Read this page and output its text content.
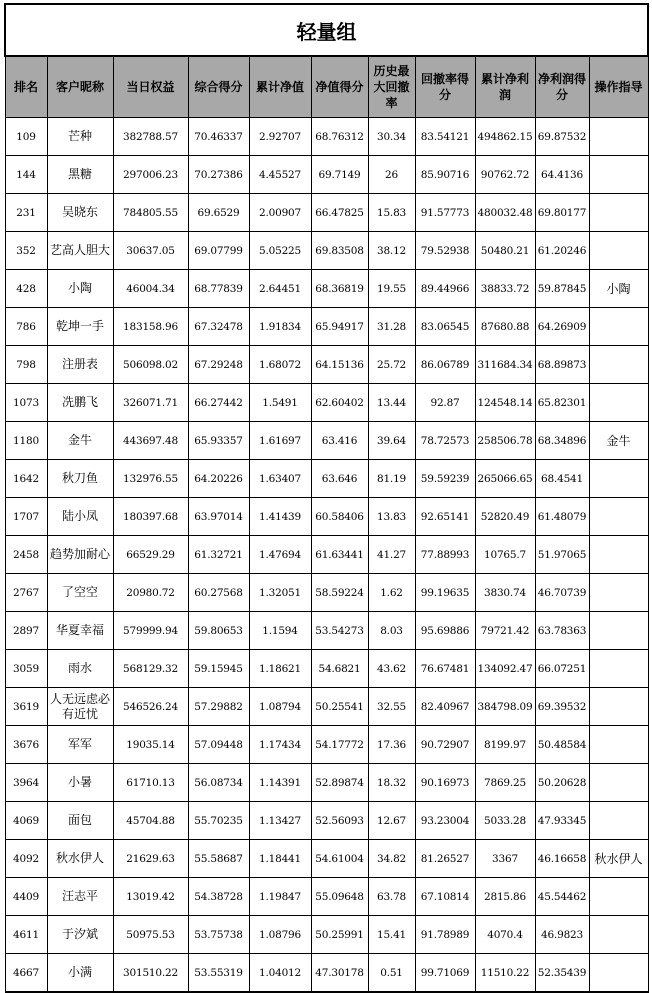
轻量组										
排名	客户昵称	当日权益	综合得分	累计净值	净值得分	历史最大回撤率	回撤率得分	累计净利润	净利润得分	操作指导
109	芒种	382788.57	70.46337	2.92707	68.76312	30.34	83.54121	494862.15	69.87532	
144	黑糖	297006.23	70.27386	4.45527	69.7149	26	85.90716	90762.72	64.4136	
231	吴晓东	784805.55	69.6529	2.00907	66.47825	15.83	91.57773	480032.48	69.80177	
352	艺高人胆大	30637.05	69.07799	5.05225	69.83508	38.12	79.52938	50480.21	61.20246	
428	小陶	46004.34	68.77839	2.64451	68.36819	19.55	89.44966	38833.72	59.87845	小陶
786	乾坤一手	183158.96	67.32478	1.91834	65.94917	31.28	83.06545	87680.88	64.26909	
798	注册表	506098.02	67.29248	1.68072	64.15136	25.72	86.06789	311684.34	68.89873	
1073	冼鹏飞	326071.71	66.27442	1.5491	62.60402	13.44	92.87	124548.14	65.82301	
1180	金牛	443697.48	65.93357	1.61697	63.416	39.64	78.72573	258506.78	68.34896	金牛
1642	秋刀鱼	132976.55	64.20226	1.63407	63.646	81.19	59.59239	265066.65	68.4541	
1707	陆小凤	180397.68	63.97014	1.41439	60.58406	13.83	92.65141	52820.49	61.48079	
2458	趋势加耐心	66529.29	61.32721	1.47694	61.63441	41.27	77.88993	10765.7	51.97065	
2767	了空空	20980.72	60.27568	1.32051	58.59224	1.62	99.19635	3830.74	46.70739	
2897	华夏幸福	579999.94	59.80653	1.1594	53.54273	8.03	95.69886	79721.42	63.78363	
3059	雨水	568129.32	59.15945	1.18621	54.6821	43.62	76.67481	134092.47	66.07251	
3619	人无远虑必有近忧	546526.24	57.29882	1.08794	50.25541	32.55	82.40967	384798.09	69.39532	
3676	军军	19035.14	57.09448	1.17434	54.17772	17.36	90.72907	8199.97	50.48584	
3964	小暑	61710.13	56.08734	1.14391	52.89874	18.32	90.16973	7869.25	50.20628	
4069	面包	45704.88	55.70235	1.13427	52.56093	12.67	93.23004	5033.28	47.93345	
4092	秋水伊人	21629.63	55.58687	1.18441	54.61004	34.82	81.26527	3367	46.16658	秋水伊人
4409	汪志平	13019.42	54.38728	1.19847	55.09648	63.78	67.10814	2815.86	45.54462	
4611	于汐斌	50975.53	53.75738	1.08796	50.25991	15.41	91.78989	4070.4	46.9823	
4667	小满	301510.22	53.55319	1.04012	47.30178	0.51	99.71069	11510.22	52.35439	
